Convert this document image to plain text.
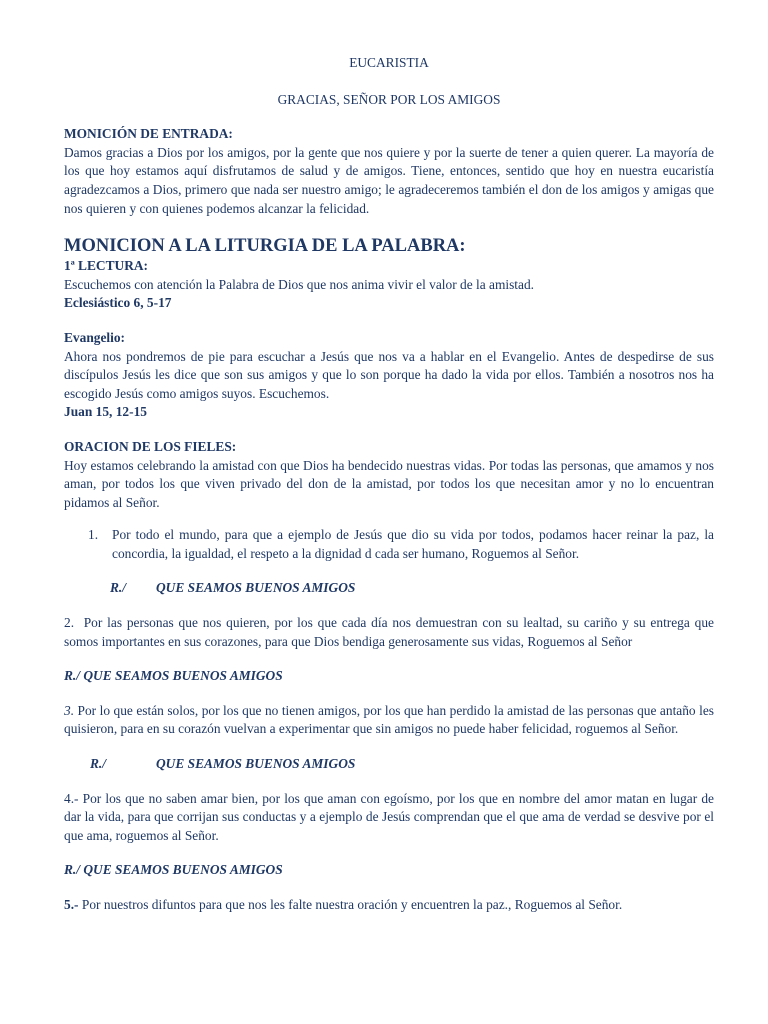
EUCARISTIA
GRACIAS, SEÑOR POR LOS AMIGOS
MONICIÓN DE ENTRADA:
Damos gracias a Dios por los amigos, por la gente que nos quiere y por la suerte de tener a quien querer. La mayoría de los que hoy estamos aquí disfrutamos de salud y de amigos. Tiene, entonces, sentido que hoy en nuestra eucaristía agradezcamos a Dios, primero que nada ser nuestro amigo; le agradeceremos también el don de los amigos y amigas que nos quieren y con quienes podemos alcanzar la felicidad.
MONICION A LA LITURGIA DE LA PALABRA:
1ª LECTURA:
Escuchemos con atención la Palabra de Dios que nos anima vivir el valor de la amistad.
Eclesiástico 6, 5-17
Evangelio:
Ahora nos pondremos de pie para escuchar a Jesús que nos va a hablar en el Evangelio. Antes de despedirse de sus discípulos Jesús les dice que son sus amigos y que lo son porque ha dado la vida por ellos. También a nosotros nos ha escogido Jesús como amigos suyos. Escuchemos.
Juan 15, 12-15
ORACION DE LOS FIELES:
Hoy estamos celebrando la amistad con que Dios ha bendecido nuestras vidas. Por todas las personas, que amamos y nos aman, por todos los que viven privado del don de la amistad, por todos los que necesitan amor y no lo encuentran pidamos al Señor.
1. Por todo el mundo, para que a ejemplo de Jesús que dio su vida por todos, podamos hacer reinar la paz, la concordia, la igualdad, el respeto a la dignidad d cada ser humano, Roguemos al Señor.
R./ QUE SEAMOS BUENOS AMIGOS
2. Por las personas que nos quieren, por los que cada día nos demuestran con su lealtad, su cariño y su entrega que somos importantes en sus corazones, para que Dios bendiga generosamente sus vidas, Roguemos al Señor
R./ QUE SEAMOS BUENOS AMIGOS
3. Por lo que están solos, por los que no tienen amigos, por los que han perdido la amistad de las personas que antaño les quisieron, para en su corazón vuelvan a experimentar que sin amigos no puede haber felicidad, roguemos al Señor.
R./	QUE SEAMOS BUENOS AMIGOS
4.- Por los que no saben amar bien, por los que aman con egoísmo, por los que en nombre del amor matan en lugar de dar la vida, para que corrijan sus conductas y a ejemplo de Jesús comprendan que el que ama de verdad se desvive por el que ama, roguemos al Señor.
R./ QUE SEAMOS BUENOS AMIGOS
5.- Por nuestros difuntos para que nos les falte nuestra oración y encuentren la paz., Roguemos al Señor.
